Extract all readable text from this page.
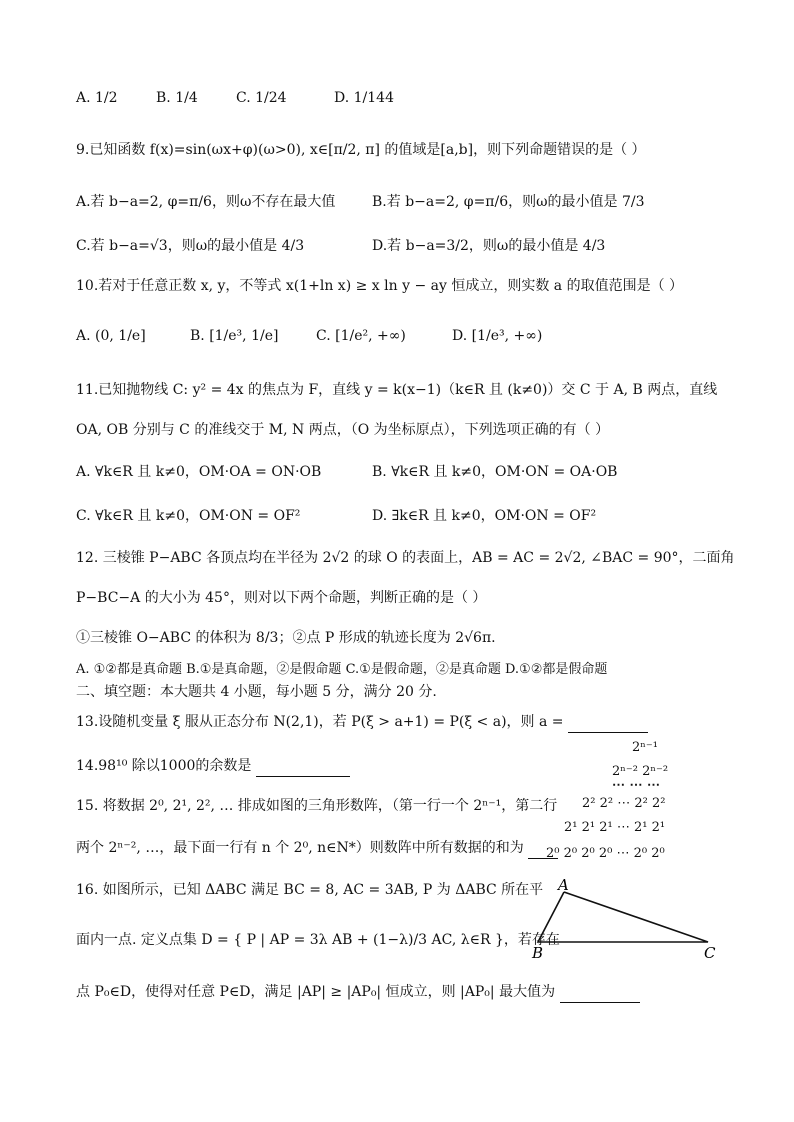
A. 1/2	B. 1/4	C. 1/24	D. 1/144
9.已知函数 f(x)=sin(ωx+φ)(ω>0), x∈[π/2, π] 的值域是[a,b]，则下列命题错误的是（ ）
A.若 b−a=2, φ=π/6，则ω不存在最大值	B.若 b−a=2, φ=π/6，则ω的最小值是 7/3
C.若 b−a=√3，则ω的最小值是 4/3	D.若 b−a=3/2，则ω的最小值是 4/3
10.若对于任意正数 x, y，不等式 x(1+ln x) ≥ x ln y − ay 恒成立，则实数 a 的取值范围是（ ）
A. (0, 1/e]	B. [1/e³, 1/e]	C. [1/e², +∞)	D. [1/e³, +∞)
11.已知抛物线 C: y² = 4x 的焦点为 F，直线 y = k(x−1)（k∈R 且 (k≠0)）交 C 于 A, B 两点，直线
OA, OB 分别与 C 的准线交于 M, N 两点，（O 为坐标原点），下列选项正确的有（ ）
A. ∀k∈R 且 k≠0，OM·OA = ON·OB	B. ∀k∈R 且 k≠0，OM·ON = OA·OB
C. ∀k∈R 且 k≠0，OM·ON = OF²	D. ∃k∈R 且 k≠0，OM·ON = OF²
12. 三棱锥 P−ABC 各顶点均在半径为 2√2 的球 O 的表面上，AB = AC = 2√2, ∠BAC = 90°，二面角
P−BC−A 的大小为 45°，则对以下两个命题，判断正确的是（ ）
①三棱锥 O−ABC 的体积为 8/3；②点 P 形成的轨迹长度为 2√6π.
A. ①②都是真命题 B.①是真命题，②是假命题 C.①是假命题，②是真命题 D.①②都是假命题
二、填空题：本大题共 4 小题，每小题 5 分，满分 20 分.
13.设随机变量 ξ 服从正态分布 N(2,1)，若 P(ξ > a+1) = P(ξ < a)，则 a =
14.98¹⁰ 除以1000的余数是
15. 将数据 2⁰, 2¹, 2², … 排成如图的三角形数阵，（第一行一个 2ⁿ⁻¹，第二行
两个 2ⁿ⁻², …，最下面一行有 n 个 2⁰, n∈N*）则数阵中所有数据的和为
2ⁿ⁻¹
2ⁿ⁻² 2ⁿ⁻²
⋯ ⋯ ⋯
2² 2² ⋯ 2² 2²
2¹ 2¹ 2¹ ⋯ 2¹ 2¹
2⁰ 2⁰ 2⁰ 2⁰ ⋯ 2⁰ 2⁰
16. 如图所示，已知 ΔABC 满足 BC = 8, AC = 3AB, P 为 ΔABC 所在平
面内一点. 定义点集 D = { P | AP = 3λ AB + (1−λ)/3 AC, λ∈R }，若存在
点 P₀∈D，使得对任意 P∈D，满足 |AP| ≥ |AP₀| 恒成立，则 |AP₀| 最大值为
A
B	C
